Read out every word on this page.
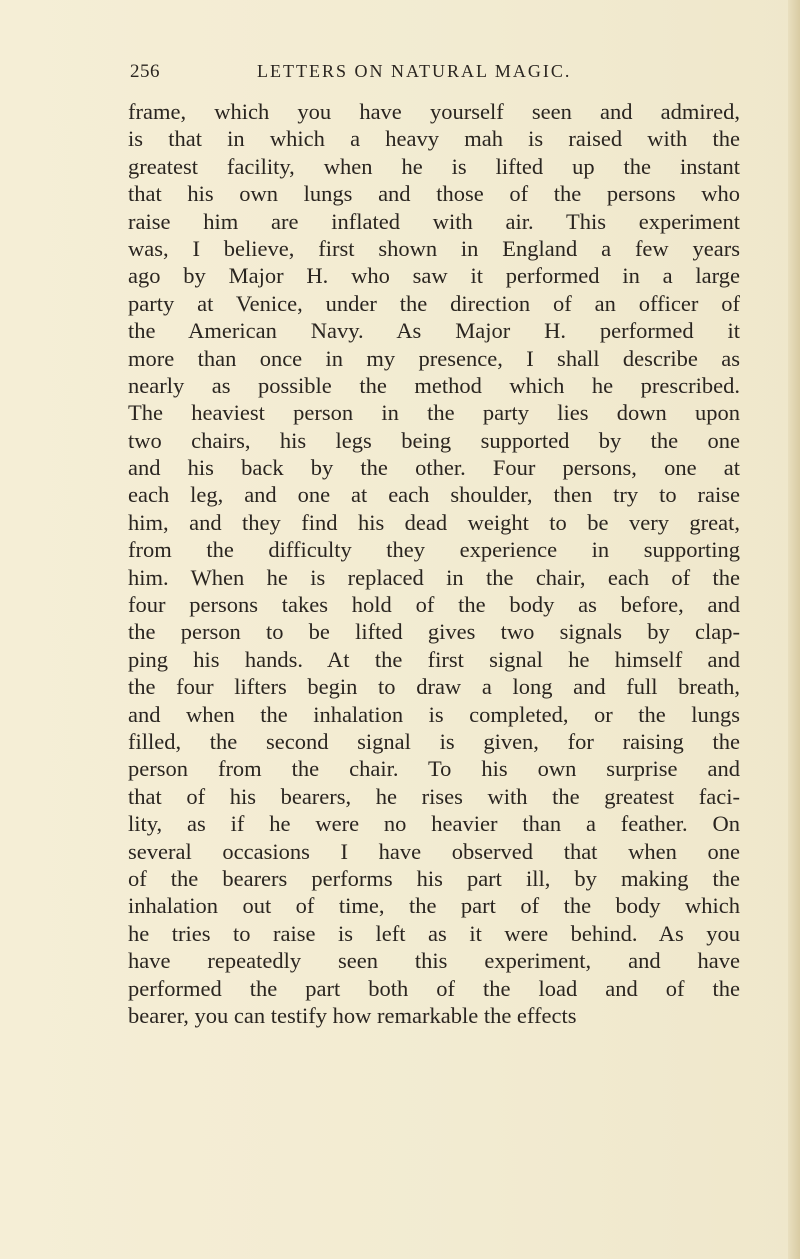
256	LETTERS ON NATURAL MAGIC.
frame, which you have yourself seen and admired,
is that in which a heavy mah is raised with the
greatest facility, when he is lifted up the instant
that his own lungs and those of the persons who
raise him are inflated with air. This experiment
was, I believe, first shown in England a few years
ago by Major H. who saw it performed in a large
party at Venice, under the direction of an officer of
the American Navy. As Major H. performed it
more than once in my presence, I shall describe as
nearly as possible the method which he prescribed.
The heaviest person in the party lies down upon
two chairs, his legs being supported by the one
and his back by the other. Four persons, one at
each leg, and one at each shoulder, then try to raise
him, and they find his dead weight to be very great,
from the difficulty they experience in supporting
him. When he is replaced in the chair, each of the
four persons takes hold of the body as before, and
the person to be lifted gives two signals by clap-
ping his hands. At the first signal he himself and
the four lifters begin to draw a long and full breath,
and when the inhalation is completed, or the lungs
filled, the second signal is given, for raising the
person from the chair. To his own surprise and
that of his bearers, he rises with the greatest faci-
lity, as if he were no heavier than a feather. On
several occasions I have observed that when one
of the bearers performs his part ill, by making the
inhalation out of time, the part of the body which
he tries to raise is left as it were behind. As you
have repeatedly seen this experiment, and have
performed the part both of the load and of the
bearer, you can testify how remarkable the effects
